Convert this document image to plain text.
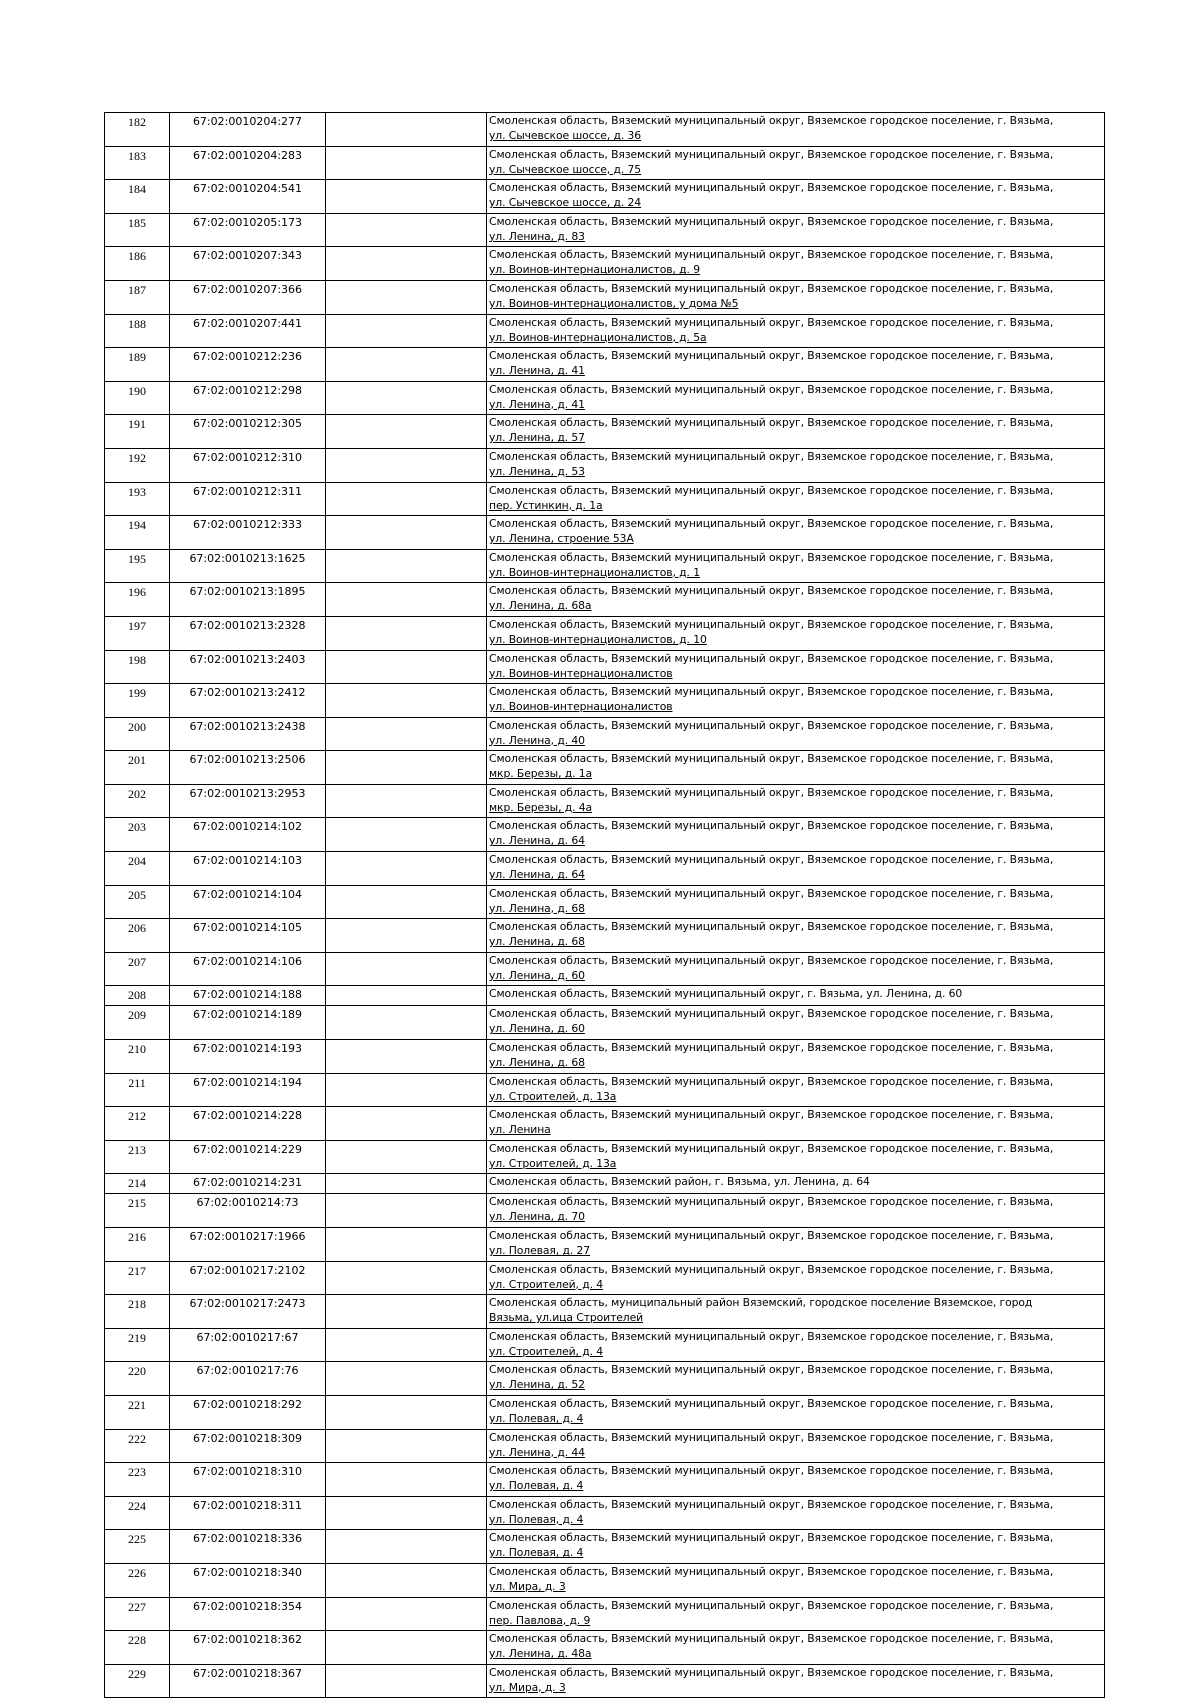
182	67:02:0010204:277		Смоленская область, Вяземский муниципальный округ, Вяземское городское поселение, г. Вязьма,
ул. Сычевское шоссе, д. 36

183	67:02:0010204:283		Смоленская область, Вяземский муниципальный округ, Вяземское городское поселение, г. Вязьма,
ул. Сычевское шоссе, д. 75

184	67:02:0010204:541		Смоленская область, Вяземский муниципальный округ, Вяземское городское поселение, г. Вязьма,
ул. Сычевское шоссе, д. 24

185	67:02:0010205:173		Смоленская область, Вяземский муниципальный округ, Вяземское городское поселение, г. Вязьма,
ул. Ленина, д. 83

186	67:02:0010207:343		Смоленская область, Вяземский муниципальный округ, Вяземское городское поселение, г. Вязьма,
ул. Воинов-интернационалистов, д. 9

187	67:02:0010207:366		Смоленская область, Вяземский муниципальный округ, Вяземское городское поселение, г. Вязьма,
ул. Воинов-интернационалистов, у дома №5

188	67:02:0010207:441		Смоленская область, Вяземский муниципальный округ, Вяземское городское поселение, г. Вязьма,
ул. Воинов-интернационалистов, д. 5а

189	67:02:0010212:236		Смоленская область, Вяземский муниципальный округ, Вяземское городское поселение, г. Вязьма,
ул. Ленина, д. 41

190	67:02:0010212:298		Смоленская область, Вяземский муниципальный округ, Вяземское городское поселение, г. Вязьма,
ул. Ленина, д. 41

191	67:02:0010212:305		Смоленская область, Вяземский муниципальный округ, Вяземское городское поселение, г. Вязьма,
ул. Ленина, д. 57

192	67:02:0010212:310		Смоленская область, Вяземский муниципальный округ, Вяземское городское поселение, г. Вязьма,
ул. Ленина, д. 53

193	67:02:0010212:311		Смоленская область, Вяземский муниципальный округ, Вяземское городское поселение, г. Вязьма,
пер. Устинкин, д. 1а

194	67:02:0010212:333		Смоленская область, Вяземский муниципальный округ, Вяземское городское поселение, г. Вязьма,
ул. Ленина, строение 53А

195	67:02:0010213:1625		Смоленская область, Вяземский муниципальный округ, Вяземское городское поселение, г. Вязьма,
ул. Воинов-интернационалистов, д. 1

196	67:02:0010213:1895		Смоленская область, Вяземский муниципальный округ, Вяземское городское поселение, г. Вязьма,
ул. Ленина, д. 68а

197	67:02:0010213:2328		Смоленская область, Вяземский муниципальный округ, Вяземское городское поселение, г. Вязьма,
ул. Воинов-интернационалистов, д. 10

198	67:02:0010213:2403		Смоленская область, Вяземский муниципальный округ, Вяземское городское поселение, г. Вязьма,
ул. Воинов-интернационалистов

199	67:02:0010213:2412		Смоленская область, Вяземский муниципальный округ, Вяземское городское поселение, г. Вязьма,
ул. Воинов-интернационалистов

200	67:02:0010213:2438		Смоленская область, Вяземский муниципальный округ, Вяземское городское поселение, г. Вязьма,
ул. Ленина, д. 40

201	67:02:0010213:2506		Смоленская область, Вяземский муниципальный округ, Вяземское городское поселение, г. Вязьма,
мкр. Березы, д. 1а

202	67:02:0010213:2953		Смоленская область, Вяземский муниципальный округ, Вяземское городское поселение, г. Вязьма,
мкр. Березы, д. 4а

203	67:02:0010214:102		Смоленская область, Вяземский муниципальный округ, Вяземское городское поселение, г. Вязьма,
ул. Ленина, д. 64

204	67:02:0010214:103		Смоленская область, Вяземский муниципальный округ, Вяземское городское поселение, г. Вязьма,
ул. Ленина, д. 64

205	67:02:0010214:104		Смоленская область, Вяземский муниципальный округ, Вяземское городское поселение, г. Вязьма,
ул. Ленина, д. 68

206	67:02:0010214:105		Смоленская область, Вяземский муниципальный округ, Вяземское городское поселение, г. Вязьма,
ул. Ленина, д. 68

207	67:02:0010214:106		Смоленская область, Вяземский муниципальный округ, Вяземское городское поселение, г. Вязьма,
ул. Ленина, д. 60

208	67:02:0010214:188		Смоленская область, Вяземский муниципальный округ, г. Вязьма, ул. Ленина, д. 60

209	67:02:0010214:189		Смоленская область, Вяземский муниципальный округ, Вяземское городское поселение, г. Вязьма,
ул. Ленина, д. 60

210	67:02:0010214:193		Смоленская область, Вяземский муниципальный округ, Вяземское городское поселение, г. Вязьма,
ул. Ленина, д. 68

211	67:02:0010214:194		Смоленская область, Вяземский муниципальный округ, Вяземское городское поселение, г. Вязьма,
ул. Строителей, д. 13а

212	67:02:0010214:228		Смоленская область, Вяземский муниципальный округ, Вяземское городское поселение, г. Вязьма,
ул. Ленина

213	67:02:0010214:229		Смоленская область, Вяземский муниципальный округ, Вяземское городское поселение, г. Вязьма,
ул. Строителей, д. 13а

214	67:02:0010214:231		Смоленская область, Вяземский район, г. Вязьма, ул. Ленина, д. 64

215	67:02:0010214:73		Смоленская область, Вяземский муниципальный округ, Вяземское городское поселение, г. Вязьма,
ул. Ленина, д. 70

216	67:02:0010217:1966		Смоленская область, Вяземский муниципальный округ, Вяземское городское поселение, г. Вязьма,
ул. Полевая, д. 27

217	67:02:0010217:2102		Смоленская область, Вяземский муниципальный округ, Вяземское городское поселение, г. Вязьма,
ул. Строителей, д. 4

218	67:02:0010217:2473		Смоленская область, муниципальный район Вяземский, городское поселение Вяземское, город
Вязьма, ул.ица Строителей

219	67:02:0010217:67		Смоленская область, Вяземский муниципальный округ, Вяземское городское поселение, г. Вязьма,
ул. Строителей, д. 4

220	67:02:0010217:76		Смоленская область, Вяземский муниципальный округ, Вяземское городское поселение, г. Вязьма,
ул. Ленина, д. 52

221	67:02:0010218:292		Смоленская область, Вяземский муниципальный округ, Вяземское городское поселение, г. Вязьма,
ул. Полевая, д. 4

222	67:02:0010218:309		Смоленская область, Вяземский муниципальный округ, Вяземское городское поселение, г. Вязьма,
ул. Ленина, д. 44

223	67:02:0010218:310		Смоленская область, Вяземский муниципальный округ, Вяземское городское поселение, г. Вязьма,
ул. Полевая, д. 4

224	67:02:0010218:311		Смоленская область, Вяземский муниципальный округ, Вяземское городское поселение, г. Вязьма,
ул. Полевая, д. 4

225	67:02:0010218:336		Смоленская область, Вяземский муниципальный округ, Вяземское городское поселение, г. Вязьма,
ул. Полевая, д. 4

226	67:02:0010218:340		Смоленская область, Вяземский муниципальный округ, Вяземское городское поселение, г. Вязьма,
ул. Мира, д. 3

227	67:02:0010218:354		Смоленская область, Вяземский муниципальный округ, Вяземское городское поселение, г. Вязьма,
пер. Павлова, д. 9

228	67:02:0010218:362		Смоленская область, Вяземский муниципальный округ, Вяземское городское поселение, г. Вязьма,
ул. Ленина, д. 48а

229	67:02:0010218:367		Смоленская область, Вяземский муниципальный округ, Вяземское городское поселение, г. Вязьма,
ул. Мира, д. 3
